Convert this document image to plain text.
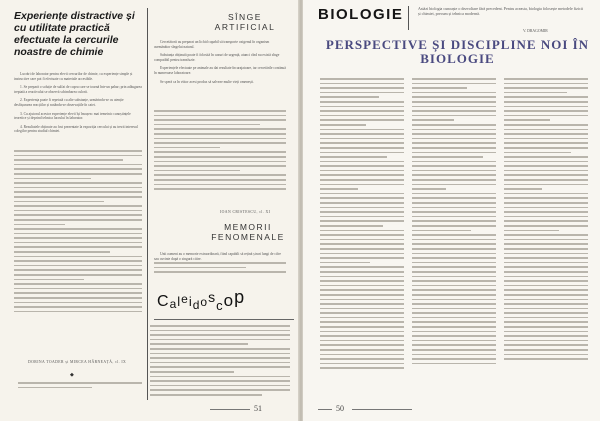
Experiențe distractive și cu utilitate practică efectuate la cercurile noastre de chimie

Lucrări de laborator pentru elevii cercurilor de chimie, cu experiențe simple și instructive care pot fi efectuate cu materiale accesibile.

1. Se prepară o soluție de sulfat de cupru care se toarnă într-un pahar; prin adăugarea treptată a reactivului se observă schimbarea culorii.

2. Experiența poate fi repetată cu alte substanțe, urmărindu-se cu atenție desfășurarea reacțiilor și notându-se observațiile în caiet.

3. Cu ajutorul acestor experiențe elevii își însușesc mai temeinic cunoștințele teoretice și deprind tehnica lucrului în laborator.

4. Rezultatele obținute au fost prezentate la expoziția cercului și au trezit interesul colegilor pentru studiul chimiei.

DORINA TOADER și MIRCEA HÂRNEAȚĂ, cl. IX
◆
SÎNGE ARTIFICIAL

Cercetătorii au preparat un lichid capabil să transporte oxigenul în organism asemănător sîngelui natural.

Substanța obținută poate fi folosită în cazuri de urgență, atunci cînd nu există sînge compatibil pentru transfuzie.

Experiențele efectuate pe animale au dat rezultate încurajatoare, iar cercetările continuă în numeroase laboratoare.

Se speră ca în viitor acest produs să salveze multe vieți omenești.

IOAN CRISTESCU, cl. XI
MEMORII FENOMENALE

Unii oameni au o memorie extraordinară, fiind capabili să rețină șiruri lungi de cifre sau cuvinte după o singură citire.

Caleidoscop
51
BIOLOGIE	Astăzi biologia cunoaște o dezvoltare fără precedent. Pentru aceasta, biologia folosește metodele fizicii și chimiei, precum și tehnica modernă.
V. DRAGOMIR
PERSPECTIVE ȘI DISCIPLINE NOI ÎN BIOLOGIE
50
